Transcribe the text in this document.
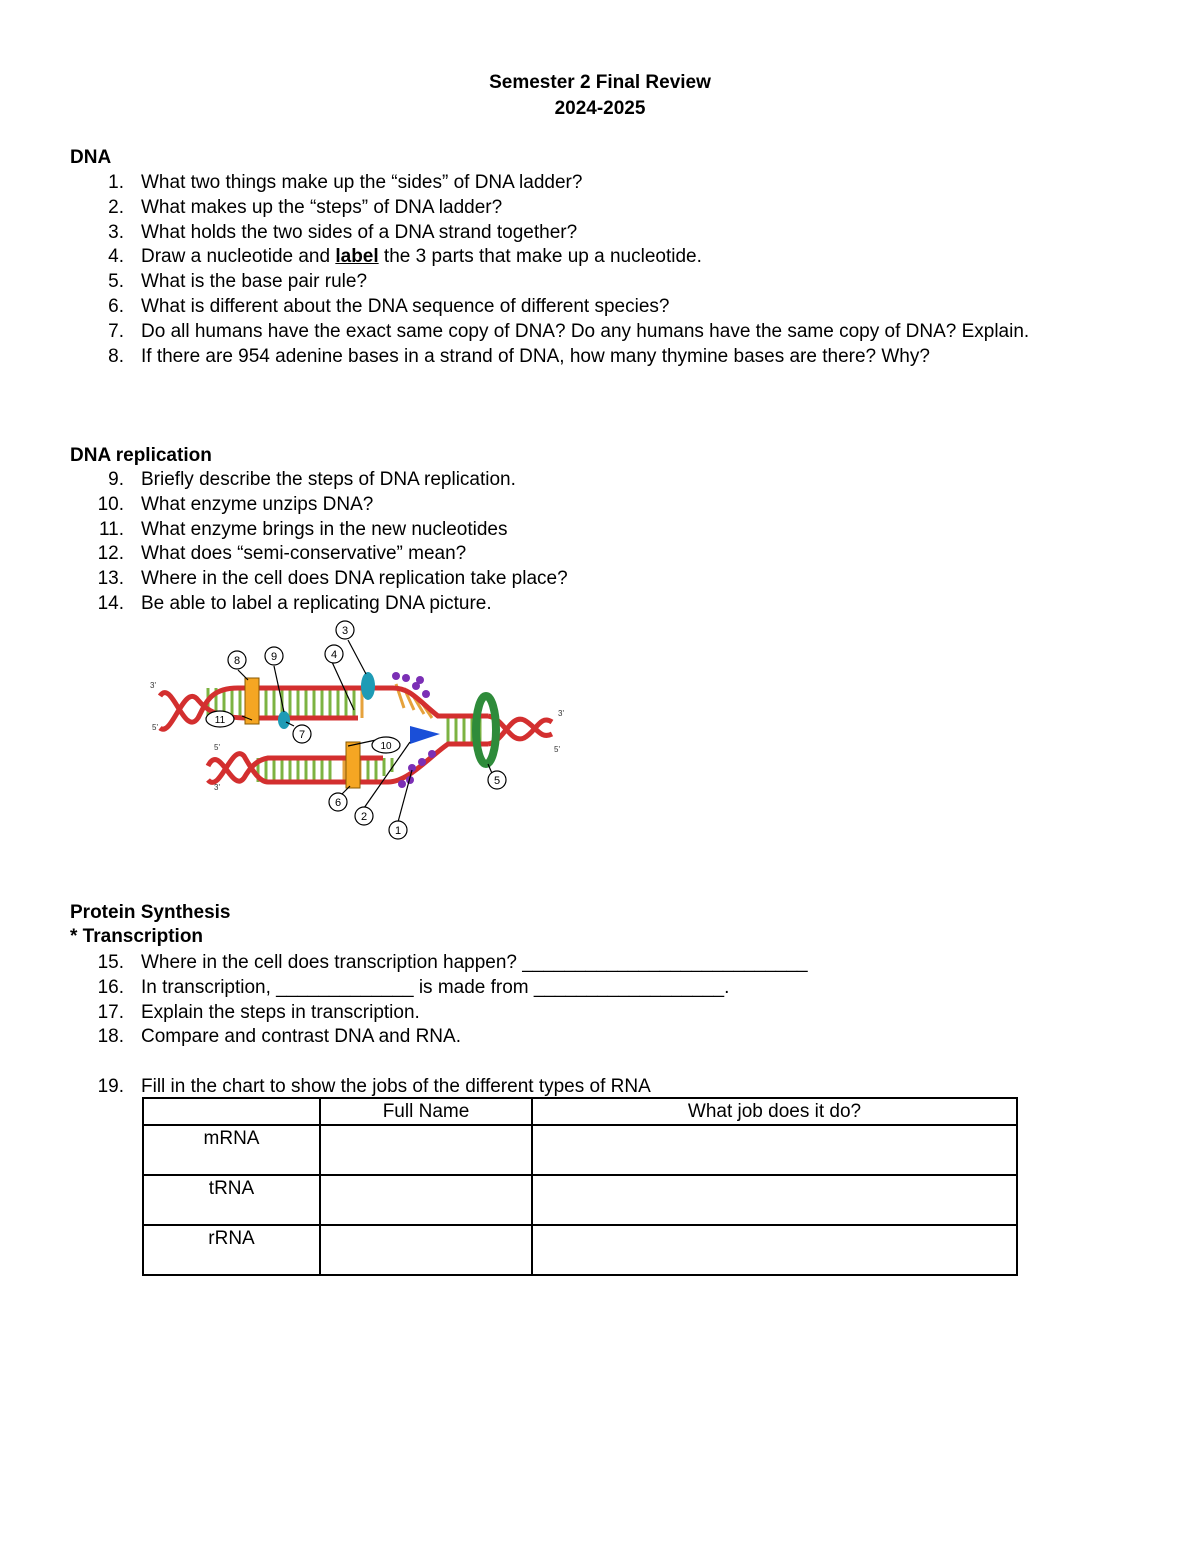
Semester 2 Final Review
2024-2025
DNA
1. What two things make up the “sides” of DNA ladder?
2. What makes up the “steps” of DNA ladder?
3. What holds the two sides of a DNA strand together?
4. Draw a nucleotide and label the 3 parts that make up a nucleotide.
5. What is the base pair rule?
6. What is different about the DNA sequence of different species?
7. Do all humans have the exact same copy of DNA? Do any humans have the same copy of DNA? Explain.
8. If there are 954 adenine bases in a strand of DNA, how many thymine bases are there? Why?
DNA replication
9. Briefly describe the steps of DNA replication.
10. What enzyme unzips DNA?
11. What enzyme brings in the new nucleotides
12. What does “semi-conservative” mean?
13. Where in the cell does DNA replication take place?
14. Be able to label a replicating DNA picture.
1
2
3
4
5
6
7
8	9
10
11
3'
5'
5'
3'
3'
5'
Protein Synthesis
* Transcription
15. Where in the cell does transcription happen? ___________________________
16. In transcription, _____________ is made from __________________.
17. Explain the steps in transcription.
18. Compare and contrast DNA and RNA.
19. Fill in the chart to show the jobs of the different types of RNA
	Full Name	What job does it do?
mRNA		
tRNA		
rRNA		
